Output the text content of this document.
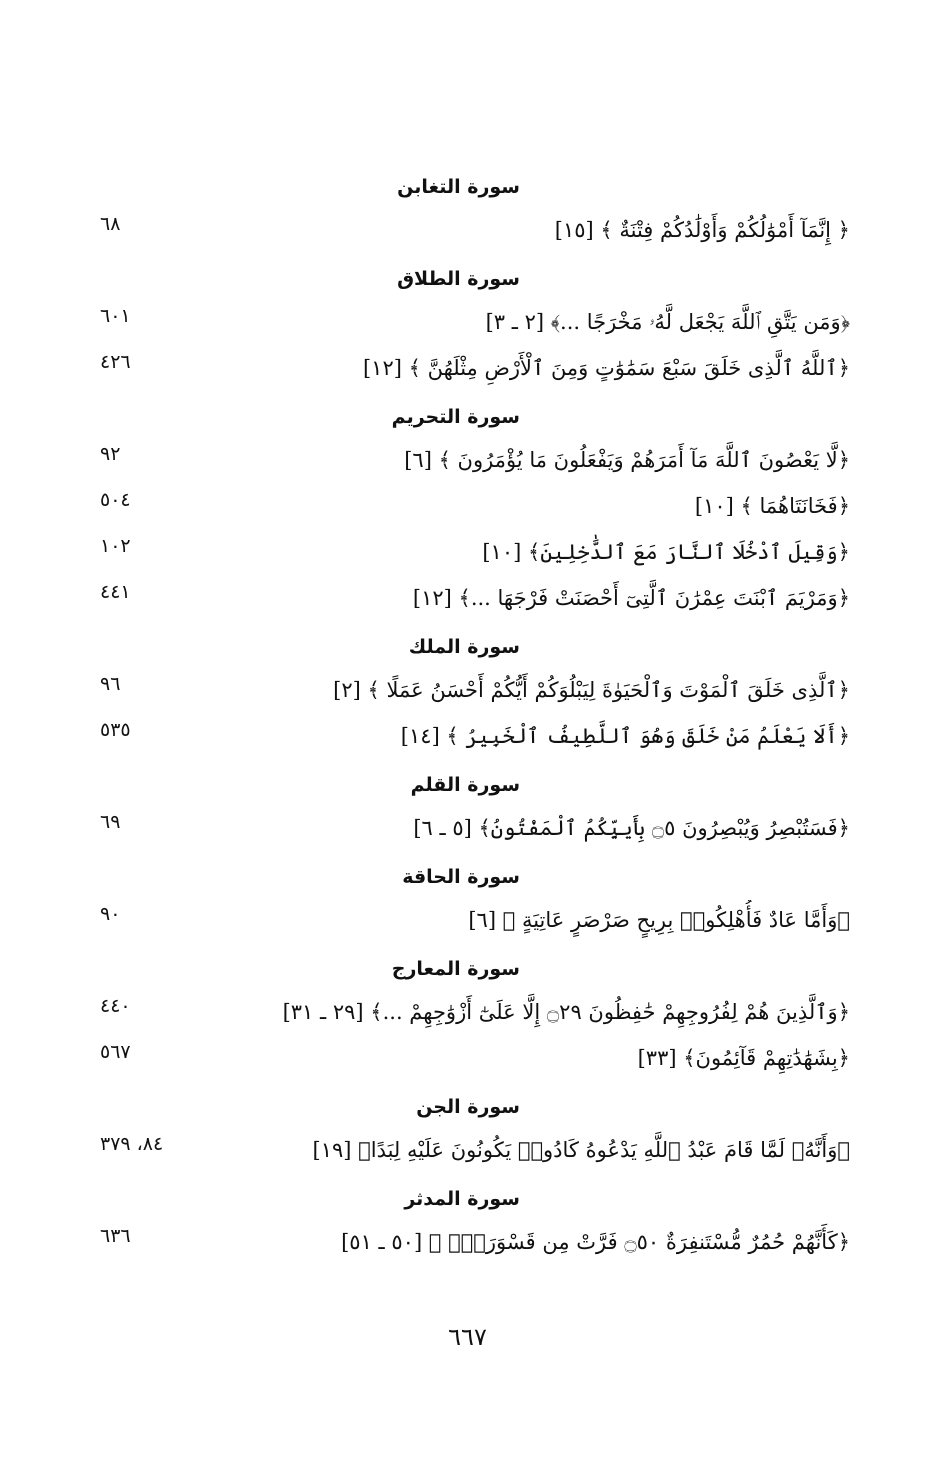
سورة التغابن
٦٨	﴿ إِنَّمَآ أَمْوَٰلُكُمْ وَأَوْلَٰدُكُمْ فِتْنَةٌ ﴾ [١٥]
سورة الطلاق
٦٠١	﴿وَمَن يَتَّقِ ٱللَّهَ يَجْعَل لَّهُۥ مَخْرَجًا ...﴾ [٢ ـ ٣]
٤٢٦	﴿ٱللَّهُ ٱلَّذِى خَلَقَ سَبْعَ سَمَٰوَٰتٍ وَمِنَ ٱلْأَرْضِ مِثْلَهُنَّ ﴾ [١٢]
سورة التحريم
٩٢	﴿لَّا يَعْصُونَ ٱللَّهَ مَآ أَمَرَهُمْ وَيَفْعَلُونَ مَا يُؤْمَرُونَ ﴾ [٦]
٥٠٤	﴿فَخَانَتَاهُمَا ﴾ [١٠]
١٠٢	﴿وَقِيلَ ٱدْخُلَا ٱلنَّارَ مَعَ ٱلدَّٰخِلِينَ﴾ [١٠]
٤٤١	﴿وَمَرْيَمَ ٱبْنَتَ عِمْرَٰنَ ٱلَّتِىٓ أَحْصَنَتْ فَرْجَهَا ...﴾ [١٢]
سورة الملك
٩٦	﴿ٱلَّذِى خَلَقَ ٱلْمَوْتَ وَٱلْحَيَوٰةَ لِيَبْلُوَكُمْ أَيُّكُمْ أَحْسَنُ عَمَلًا ﴾ [٢]
٥٣٥	﴿أَلَا يَعْلَمُ مَنْ خَلَقَ وَهُوَ ٱللَّطِيفُ ٱلْخَبِيرُ ﴾ [١٤]
سورة القلم
٦٩	﴿فَسَتُبْصِرُ وَيُبْصِرُونَ ۝٥ بِأَييِّكُمُ ٱلْمَفْتُونُ﴾ [٥ ـ ٦]
سورة الحاقة
٩٠	﴿وَأَمَّا عَادٌ فَأُهْلِكُوا۟ بِرِيحٍ صَرْصَرٍ عَاتِيَةٍ ﴾ [٦]
سورة المعارج
٤٤٠	﴿وَٱلَّذِينَ هُمْ لِفُرُوجِهِمْ حَٰفِظُونَ ۝٢٩ إِلَّا عَلَىٰٓ أَزْوَٰجِهِمْ ...﴾ [٢٩ ـ ٣١]
٥٦٧	﴿بِشَهَٰدَٰتِهِمْ قَآئِمُونَ﴾ [٣٣]
سورة الجن
٨٤، ٣٧٩	﴿وَأَنَّهُۥ لَمَّا قَامَ عَبْدُ ٱللَّهِ يَدْعُوهُ كَادُوا۟ يَكُونُونَ عَلَيْهِ لِبَدًا﴾ [١٩]
سورة المدثر
٦٣٦	﴿كَأَنَّهُمْ حُمُرٌ مُّسْتَنفِرَةٌ ۝٥٠ فَرَّتْ مِن قَسْوَرَةٍۭ ﴾ [٥٠ ـ ٥١]
٦٦٧
